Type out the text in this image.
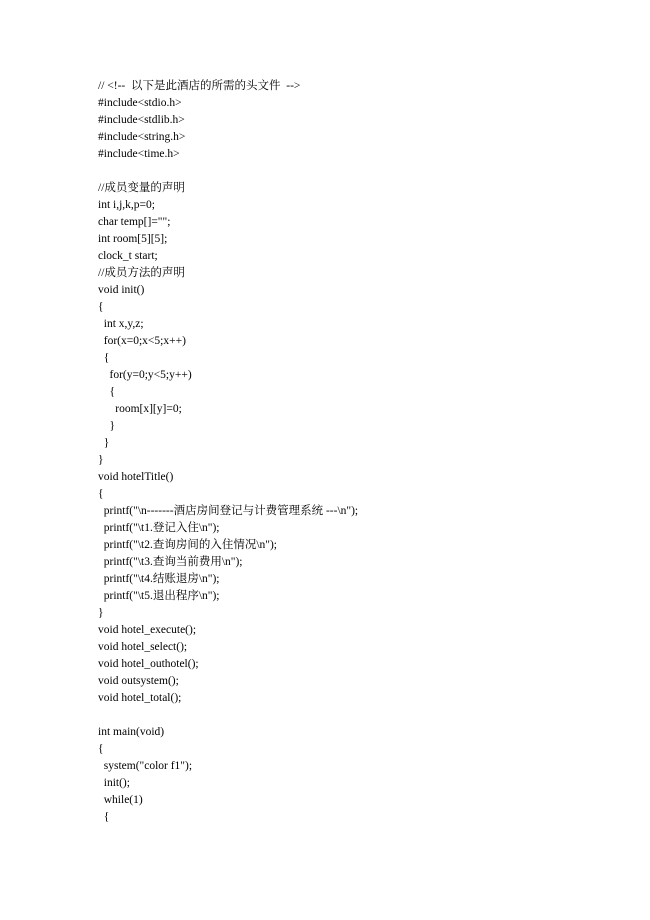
// <!--  以下是此酒店的所需的头文件  -->
#include<stdio.h>
#include<stdlib.h>
#include<string.h>
#include<time.h>
//成员变量的声明
int i,j,k,p=0;
char temp[]="";
int room[5][5];
clock_t start;
//成员方法的声明
void init()
{
int x,y,z;
for(x=0;x<5;x++)
{
for(y=0;y<5;y++)
{
room[x][y]=0;
}
}
}
void hotelTitle()
{
printf("\n-------酒店房间登记与计费管理系统 ---\n");
printf("\t1.登记入住\n");
printf("\t2.查询房间的入住情况\n");
printf("\t3.查询当前费用\n");
printf("\t4.结账退房\n");
printf("\t5.退出程序\n");
}
void hotel_execute();
void hotel_select();
void hotel_outhotel();
void outsystem();
void hotel_total();
int main(void)
{
system("color f1");
init();
while(1)
{
